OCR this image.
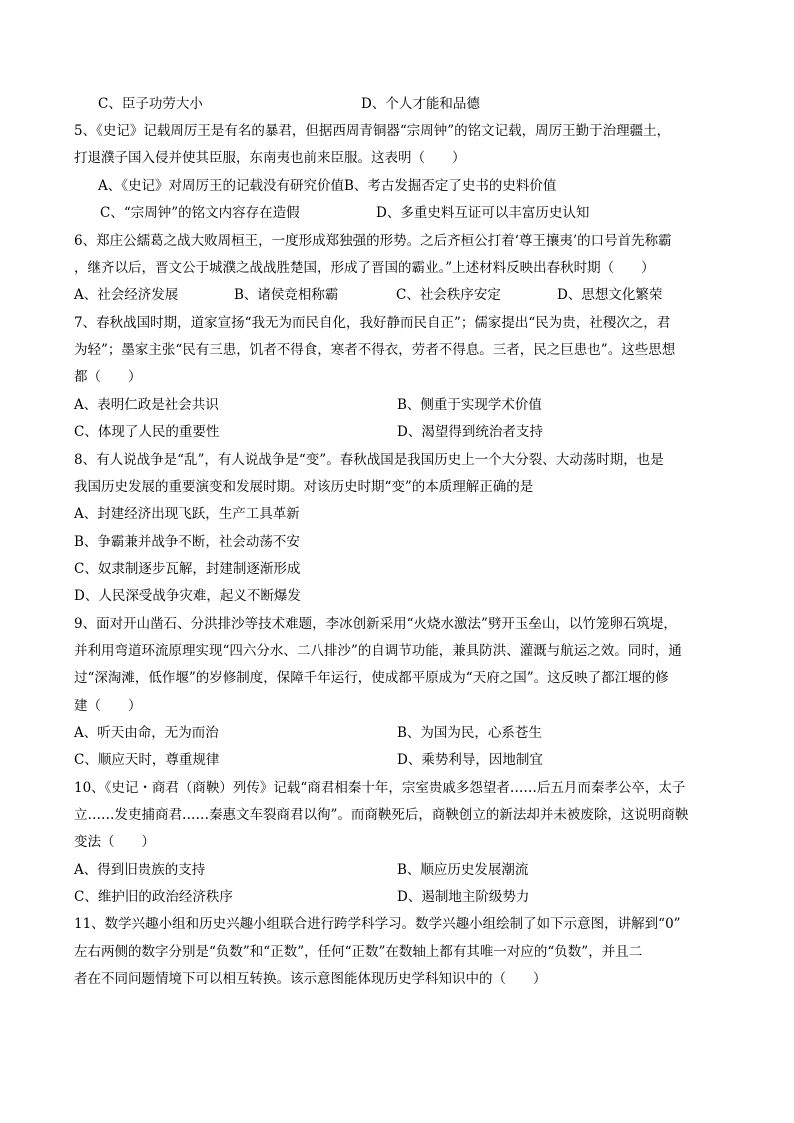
C、臣子功劳大小	D、个人才能和品德
5、《史记》记载周厉王是有名的暴君，但据西周青铜器“宗周钟”的铭文记载，周厉王勤于治理疆土，
打退濮子国入侵并使其臣服，东南夷也前来臣服。这表明（　　）
A、《史记》对周厉王的记载没有研究价值B、考古发掘否定了史书的史料价值
C、“宗周钟”的铭文内容存在造假	D、多重史料互证可以丰富历史认知
6、郑庄公繻葛之战大败周桓王，一度形成郑独强的形势。之后齐桓公打着‘尊王攘夷’的口号首先称霸
，继齐以后，晋文公于城濮之战战胜楚国，形成了晋国的霸业。”上述材料反映出春秋时期（　　）
A、社会经济发展	B、诸侯竞相称霸	C、社会秩序安定	D、思想文化繁荣
7、春秋战国时期，道家宣扬“我无为而民自化，我好静而民自正”；儒家提出“民为贵，社稷次之，君
为轻”；墨家主张“民有三患，饥者不得食，寒者不得衣，劳者不得息。三者，民之巨患也”。这些思想
都（　　）
A、表明仁政是社会共识	B、侧重于实现学术价值
C、体现了人民的重要性	D、渴望得到统治者支持
8、有人说战争是“乱”，有人说战争是“变”。春秋战国是我国历史上一个大分裂、大动荡时期，也是
我国历史发展的重要演变和发展时期。对该历史时期“变”的本质理解正确的是
A、封建经济出现飞跃，生产工具革新
B、争霸兼并战争不断，社会动荡不安
C、奴隶制逐步瓦解，封建制逐渐形成
D、人民深受战争灾难，起义不断爆发
9、面对开山凿石、分洪排沙等技术难题，李冰创新采用“火烧水激法”劈开玉垒山，以竹笼卵石筑堤，
并利用弯道环流原理实现“四六分水、二八排沙”的自调节功能，兼具防洪、灌溉与航运之效。同时，通
过“深淘滩，低作堰”的岁修制度，保障千年运行，使成都平原成为“天府之国”。这反映了都江堰的修
建（　　）
A、听天由命，无为而治	B、为国为民，心系苍生
C、顺应天时，尊重规律	D、乘势利导，因地制宜
10、《史记・商君（商鞅）列传》记载“商君相秦十年，宗室贵戚多怨望者……后五月而秦孝公卒，太子
立……发吏捕商君……秦惠文车裂商君以徇”。而商鞅死后，商鞅创立的新法却并未被废除，这说明商鞅
变法（　　）
A、得到旧贵族的支持	B、顺应历史发展潮流
C、维护旧的政治经济秩序	D、遏制地主阶级势力
11、数学兴趣小组和历史兴趣小组联合进行跨学科学习。数学兴趣小组绘制了如下示意图，讲解到“0”
左右两侧的数字分别是“负数”和“正数”，任何“正数”在数轴上都有其唯一对应的“负数”，并且二
者在不同问题情境下可以相互转换。该示意图能体现历史学科知识中的（　　）
